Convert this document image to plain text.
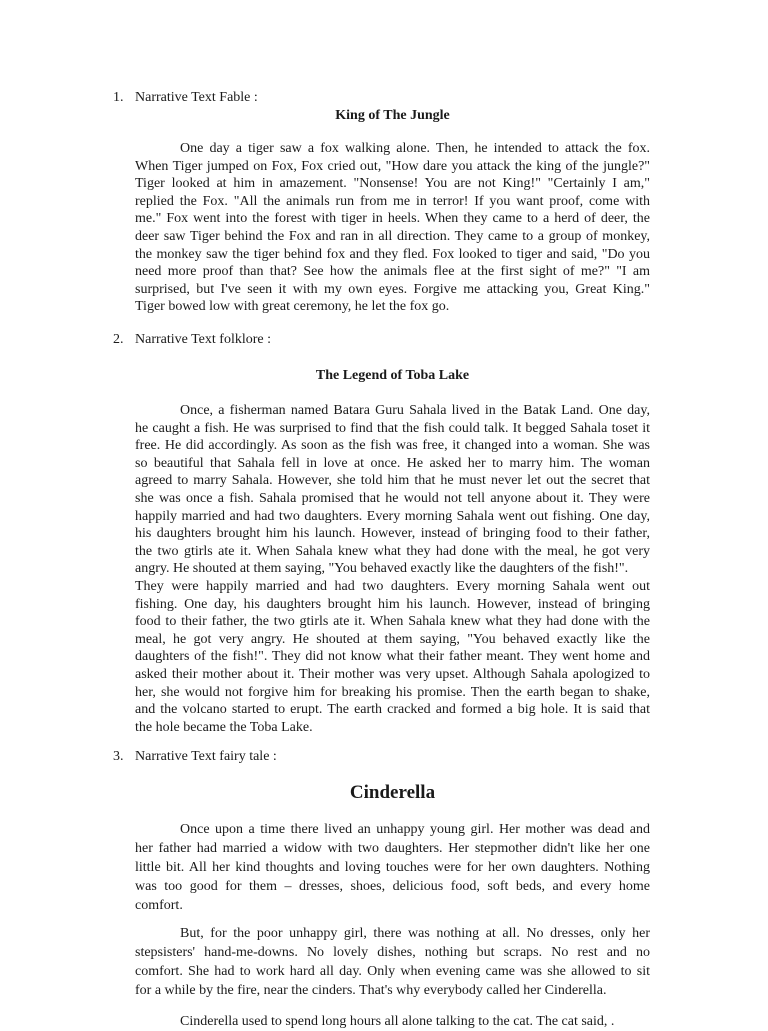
1. Narrative Text Fable :
King of The Jungle
One day a tiger saw a fox walking alone. Then, he intended to attack the fox.
When Tiger jumped on Fox, Fox cried out, "How dare you attack the king of the jungle?"
Tiger looked at him in amazement. "Nonsense! You are not King!" "Certainly I am,"
replied the Fox. "All the animals run from me in terror! If you want proof, come with
me." Fox went into the forest with tiger in heels. When they came to a herd of deer, the
deer saw Tiger behind the Fox and ran in all direction. They came to a group of monkey,
the monkey saw the tiger behind fox and they fled. Fox looked to tiger and said, "Do you
need more proof than that? See how the animals flee at the first sight of me?" "I am
surprised, but I've seen it with my own eyes. Forgive me attacking you, Great King."
Tiger bowed low with great ceremony, he let the fox go.
2. Narrative Text folklore :
The Legend of Toba Lake
Once, a fisherman named Batara Guru Sahala lived in the Batak Land. One day,
he caught a fish. He was surprised to find that the fish could talk. It begged Sahala toset it
free. He did accordingly. As soon as the fish was free, it changed into a woman. She was
so beautiful that Sahala fell in love at once. He asked her to marry him. The woman
agreed to marry Sahala. However, she told him that he must never let out the secret that
she was once a fish. Sahala promised that he would not tell anyone about it. They were
happily married and had two daughters. Every morning Sahala went out fishing. One day,
his daughters brought him his launch. However, instead of bringing food to their father,
the two gtirls ate it. When Sahala knew what they had done with the meal, he got very
angry. He shouted at them saying, "You behaved exactly like the daughters of the fish!".
They were happily married and had two daughters. Every morning Sahala went out
fishing. One day, his daughters brought him his launch. However, instead of bringing
food to their father, the two gtirls ate it. When Sahala knew what they had done with the
meal, he got very angry. He shouted at them saying, "You behaved exactly like the
daughters of the fish!". They did not know what their father meant. They went home and
asked their mother about it. Their mother was very upset. Although Sahala apologized to
her, she would not forgive him for breaking his promise. Then the earth began to shake,
and the volcano started to erupt. The earth cracked and formed a big hole. It is said that
the hole became the Toba Lake.
3. Narrative Text fairy tale :
Cinderella
Once upon a time there lived an unhappy young girl. Her mother was dead and
her father had married a widow with two daughters. Her stepmother didn't like her one
little bit. All her kind thoughts and loving touches were for her own daughters. Nothing
was too good for them – dresses, shoes, delicious food, soft beds, and every home
comfort.
But, for the poor unhappy girl, there was nothing at all. No dresses, only her
stepsisters' hand-me-downs. No lovely dishes, nothing but scraps. No rest and no
comfort. She had to work hard all day. Only when evening came was she allowed to sit
for a while by the fire, near the cinders. That's why everybody called her Cinderella.
Cinderella used to spend long hours all alone talking to the cat. The cat said, .
